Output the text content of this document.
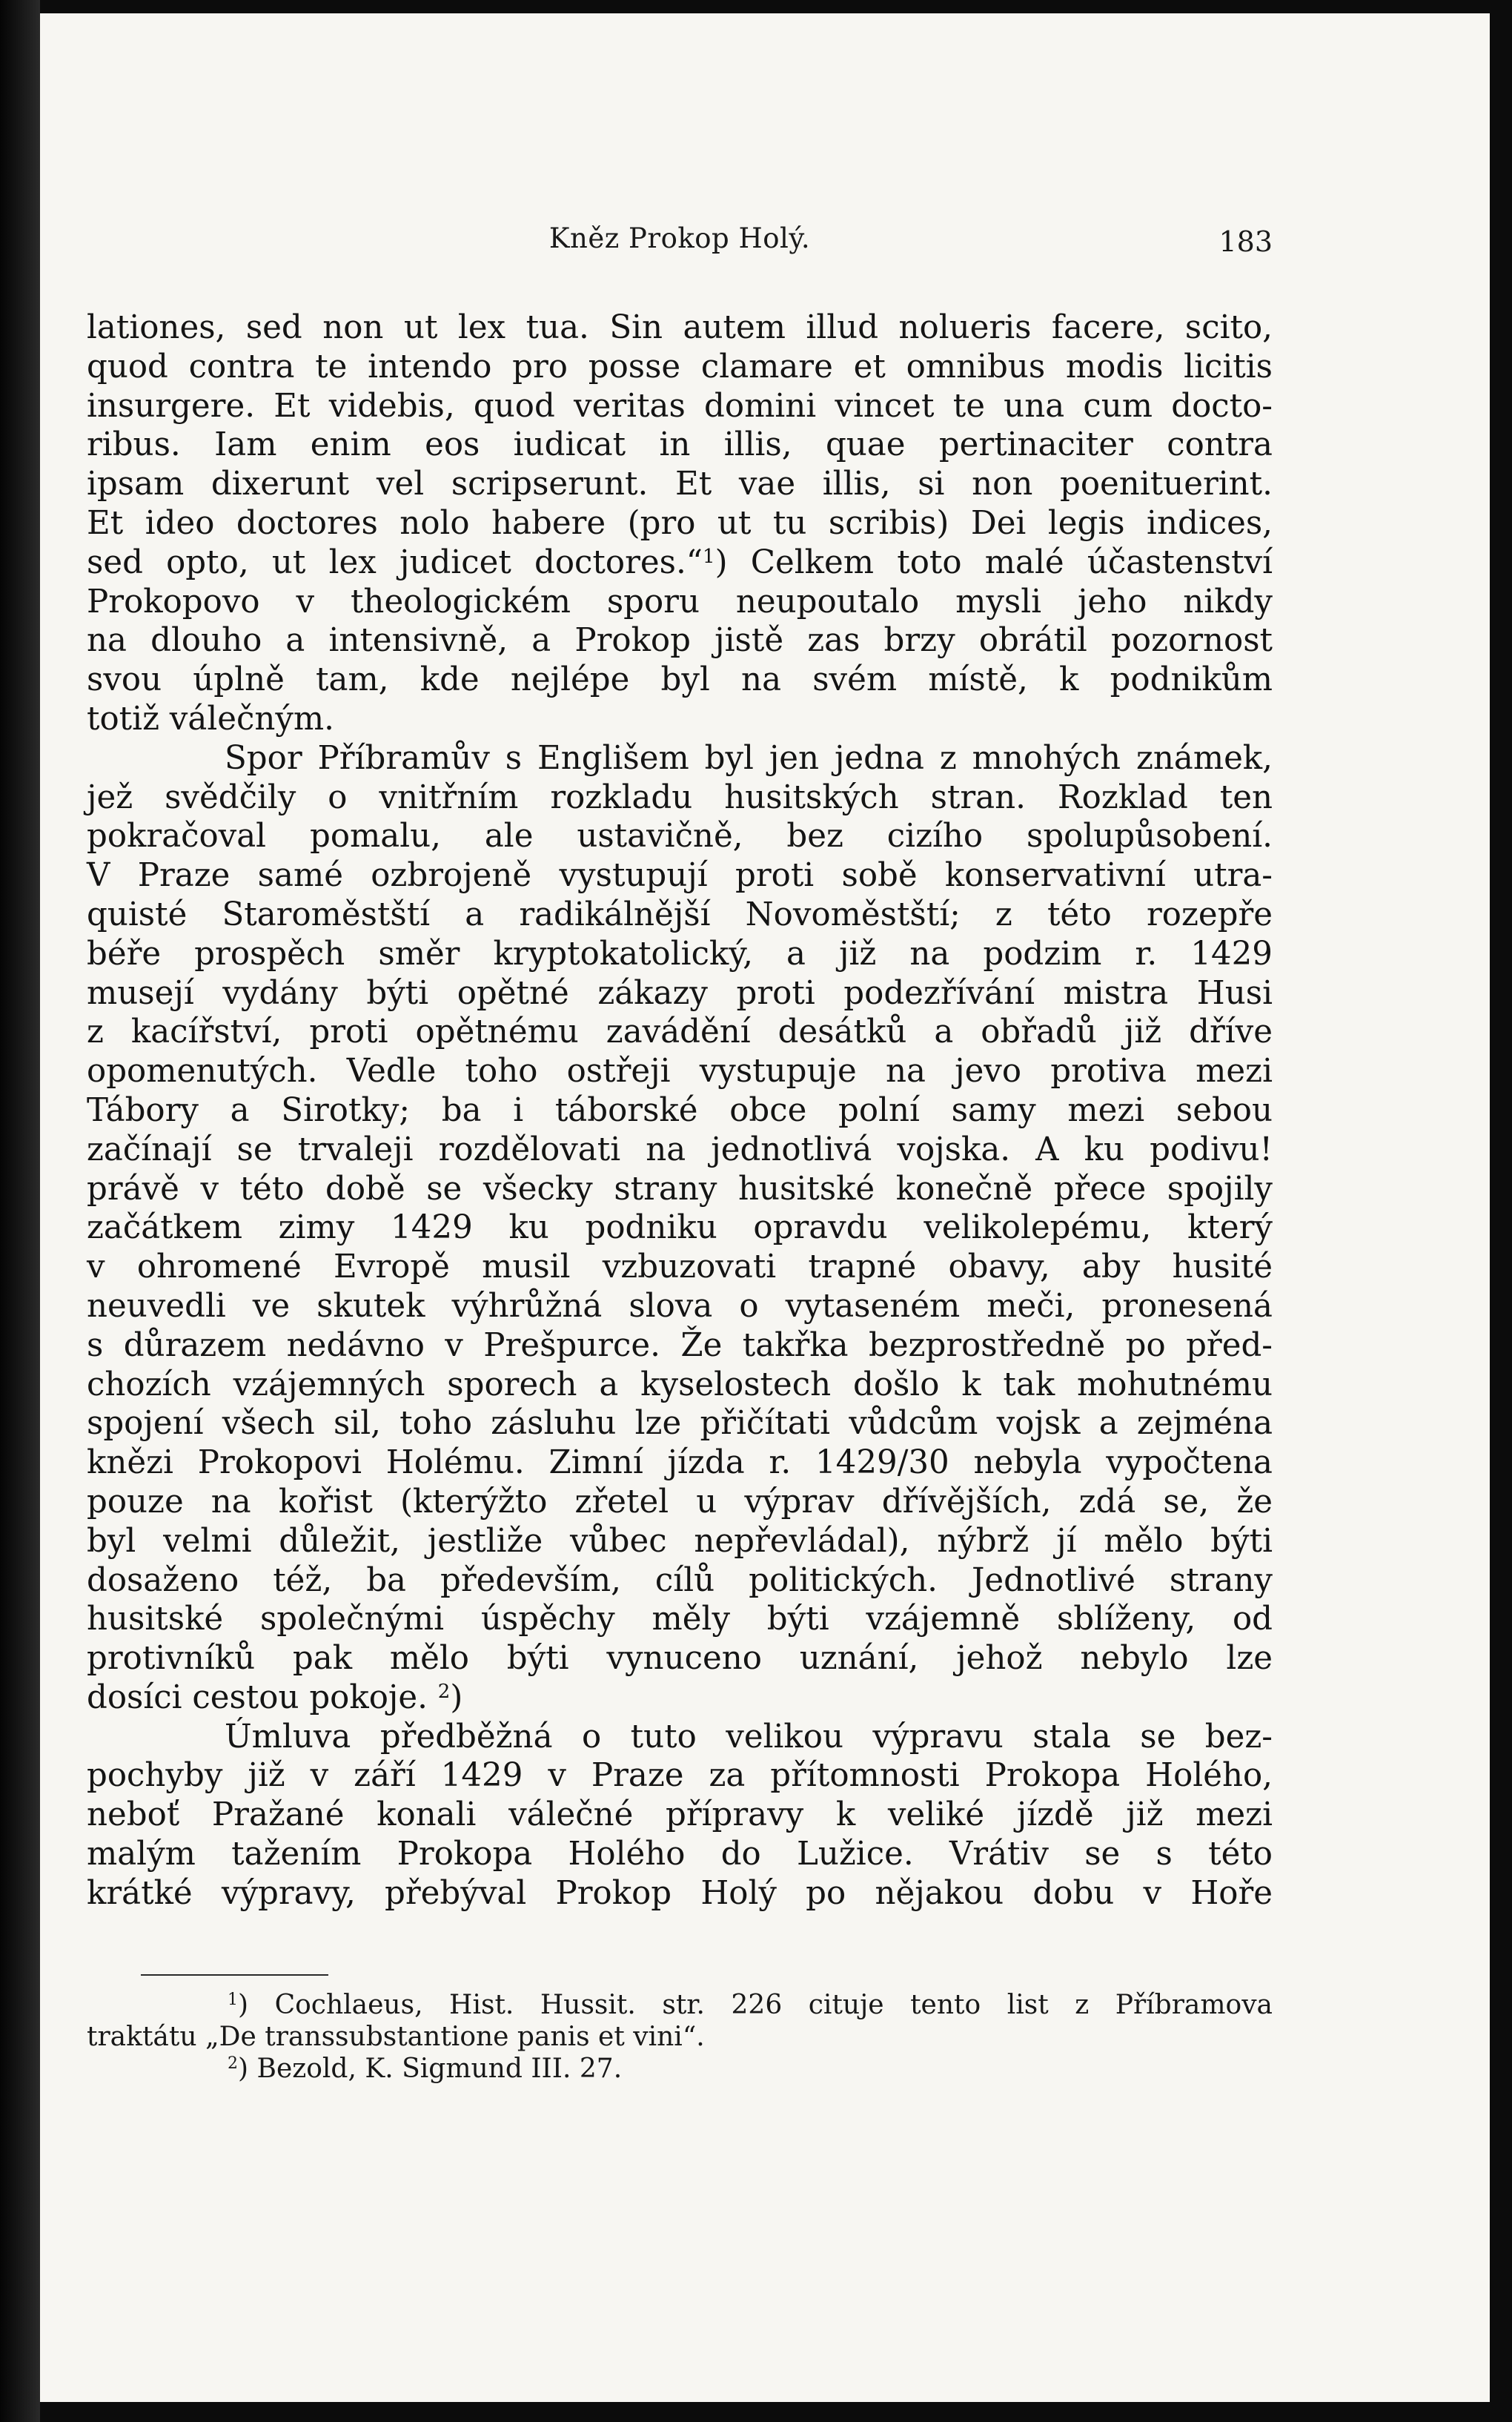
Kněz Prokop Holý.	183
lationes, sed non ut lex tua. Sin autem illud nolueris facere, scito,
quod contra te intendo pro posse clamare et omnibus modis licitis
insurgere. Et videbis, quod veritas domini vincet te una cum docto-
ribus. Iam enim eos iudicat in illis, quae pertinaciter contra
ipsam dixerunt vel scripserunt. Et vae illis, si non poenituerint.
Et ideo doctores nolo habere (pro ut tu scribis) Dei legis indices,
sed opto, ut lex judicet doctores.“$^1$) Celkem toto malé účastenství
Prokopovo v theologickém sporu neupoutalo mysli jeho nikdy
na dlouho a intensivně, a Prokop jistě zas brzy obrátil pozornost
svou úplně tam, kde nejlépe byl na svém místě, k podnikům
totiž válečným.
Spor Příbramův s Englišem byl jen jedna z mnohých známek,
jež svědčily o vnitřním rozkladu husitských stran. Rozklad ten
pokračoval pomalu, ale ustavičně, bez cizího spolupůsobení.
V Praze samé ozbrojeně vystupují proti sobě konservativní utra-
quisté Staroměstští a radikálnější Novoměstští; z této rozepře
béře prospěch směr kryptokatolický, a již na podzim r. 1429
musejí vydány býti opětné zákazy proti podezřívání mistra Husi
z kacířství, proti opětnému zavádění desátků a obřadů již dříve
opomenutých. Vedle toho ostřeji vystupuje na jevo protiva mezi
Tábory a Sirotky; ba i táborské obce polní samy mezi sebou
začínají se trvaleji rozdělovati na jednotlivá vojska. A ku podivu!
právě v této době se všecky strany husitské konečně přece spojily
začátkem zimy 1429 ku podniku opravdu velikolepému, který
v ohromené Evropě musil vzbuzovati trapné obavy, aby husité
neuvedli ve skutek výhrůžná slova o vytaseném meči, pronesená
s důrazem nedávno v Prešpurce. Že takřka bezprostředně po před-
chozích vzájemných sporech a kyselostech došlo k tak mohutnému
spojení všech sil, toho zásluhu lze přičítati vůdcům vojsk a zejména
knězi Prokopovi Holému. Zimní jízda r. 1429/30 nebyla vypočtena
pouze na kořist (kterýžto zřetel u výprav dřívějších, zdá se, že
byl velmi důležit, jestliže vůbec nepřevládal), nýbrž jí mělo býti
dosaženo též, ba především, cílů politických. Jednotlivé strany
husitské společnými úspěchy měly býti vzájemně sblíženy, od
protivníků pak mělo býti vynuceno uznání, jehož nebylo lze
dosíci cestou pokoje. $^2$)
Úmluva předběžná o tuto velikou výpravu stala se bez-
pochyby již v září 1429 v Praze za přítomnosti Prokopa Holého,
neboť Pražané konali válečné přípravy k veliké jízdě již mezi
malým tažením Prokopa Holého do Lužice. Vrátiv se s této
krátké výpravy, přebýval Prokop Holý po nějakou dobu v Hoře
$^1$) Cochlaeus, Hist. Hussit. str. 226 cituje tento list z Příbramova
traktátu „De transsubstantione panis et vini“.
$^2$) Bezold, K. Sigmund III. 27.
